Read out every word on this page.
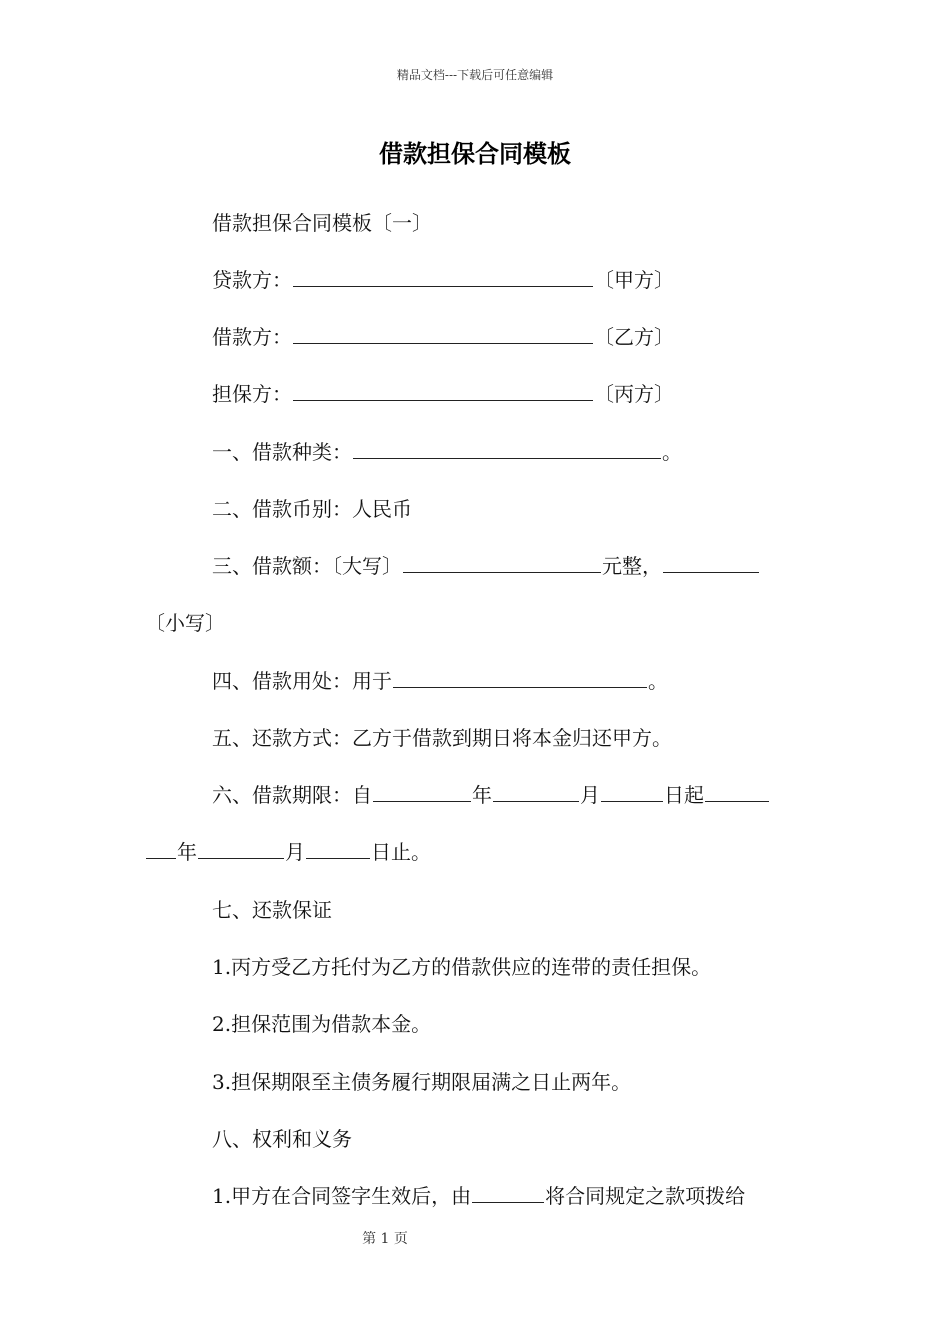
精品文档---下载后可任意编辑
借款担保合同模板
借款担保合同模板〔一〕
贷款方：	〔甲方〕
借款方：	〔乙方〕
担保方：	〔丙方〕
一、借款种类：	。
二、借款币别：人民币
三、借款额：〔大写〕	元整，
〔小写〕
四、借款用处：用于	。
五、还款方式：乙方于借款到期日将本金归还甲方。
六、借款期限：自	年	月	日起
年	月	日止。
七、还款保证
1.丙方受乙方托付为乙方的借款供应的连带的责任担保。
2.担保范围为借款本金。
3.担保期限至主债务履行期限届满之日止两年。
八、权利和义务
1.甲方在合同签字生效后，由	将合同规定之款项拨给
第 1 页
